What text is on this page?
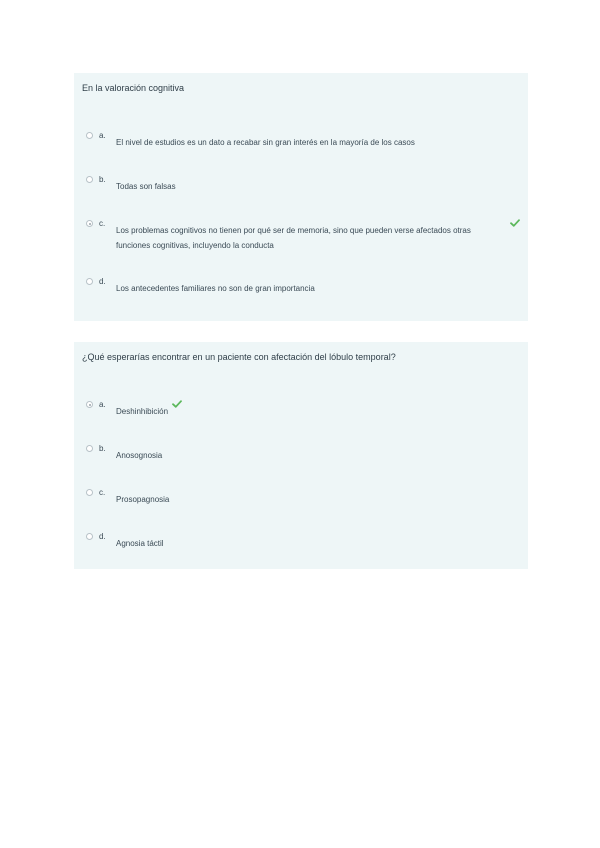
En la valoración cognitiva
a.
El nivel de estudios es un dato a recabar sin gran interés en la mayoría de los casos
b.
Todas son falsas
c.
Los problemas cognitivos no tienen por qué ser de memoria, sino que pueden verse afectados otras funciones cognitivas, incluyendo la conducta
d.
Los antecedentes familiares no son de gran importancia
¿Qué esperarías encontrar en un paciente con afectación del lóbulo temporal?
a.
Deshinhibición
b.
Anosognosia
c.
Prosopagnosia
d.
Agnosia táctil
